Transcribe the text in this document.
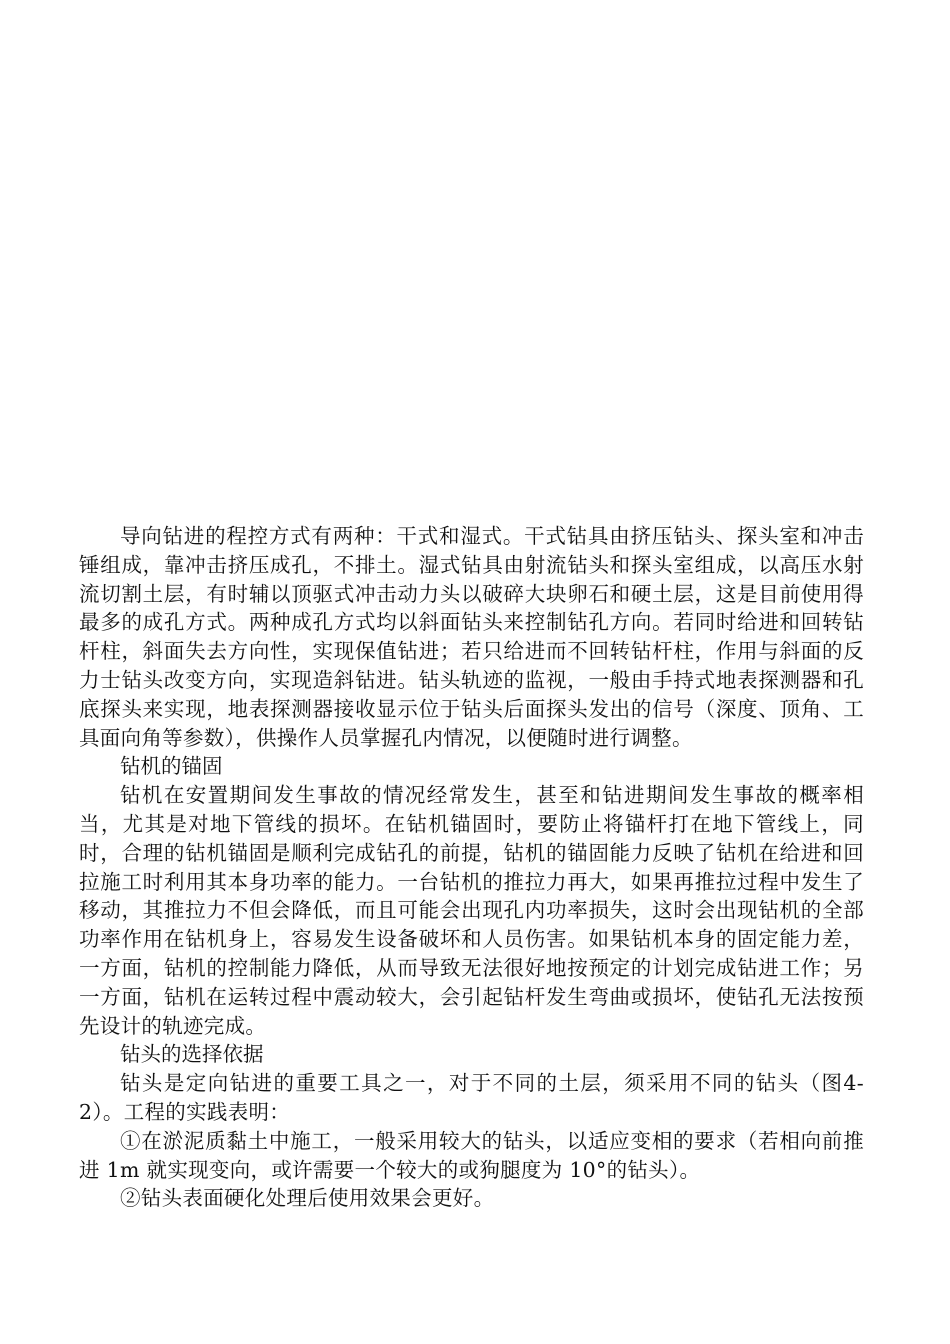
导向钻进的程控方式有两种：干式和湿式。干式钻具由挤压钻头、探头室和冲击锤组成，靠冲击挤压成孔，不排土。湿式钻具由射流钻头和探头室组成，以高压水射流切割土层，有时辅以顶驱式冲击动力头以破碎大块卵石和硬土层，这是目前使用得最多的成孔方式。两种成孔方式均以斜面钻头来控制钻孔方向。若同时给进和回转钻杆柱，斜面失去方向性，实现保值钻进；若只给进而不回转钻杆柱，作用与斜面的反力士钻头改变方向，实现造斜钻进。钻头轨迹的监视，一般由手持式地表探测器和孔底探头来实现，地表探测器接收显示位于钻头后面探头发出的信号（深度、顶角、工具面向角等参数），供操作人员掌握孔内情况，以便随时进行调整。

钻机的锚固

钻机在安置期间发生事故的情况经常发生，甚至和钻进期间发生事故的概率相当，尤其是对地下管线的损坏。在钻机锚固时，要防止将锚杆打在地下管线上，同时，合理的钻机锚固是顺利完成钻孔的前提，钻机的锚固能力反映了钻机在给进和回拉施工时利用其本身功率的能力。一台钻机的推拉力再大，如果再推拉过程中发生了移动，其推拉力不但会降低，而且可能会出现孔内功率损失，这时会出现钻机的全部功率作用在钻机身上，容易发生设备破坏和人员伤害。如果钻机本身的固定能力差，一方面，钻机的控制能力降低，从而导致无法很好地按预定的计划完成钻进工作；另一方面，钻机在运转过程中震动较大，会引起钻杆发生弯曲或损坏，使钻孔无法按预先设计的轨迹完成。

钻头的选择依据

钻头是定向钻进的重要工具之一，对于不同的土层，须采用不同的钻头（图4-2）。工程的实践表明：

①在淤泥质黏土中施工，一般采用较大的钻头，以适应变相的要求（若相向前推进 1m 就实现变向，或许需要一个较大的或狗腿度为 10°的钻头）。

②钻头表面硬化处理后使用效果会更好。
